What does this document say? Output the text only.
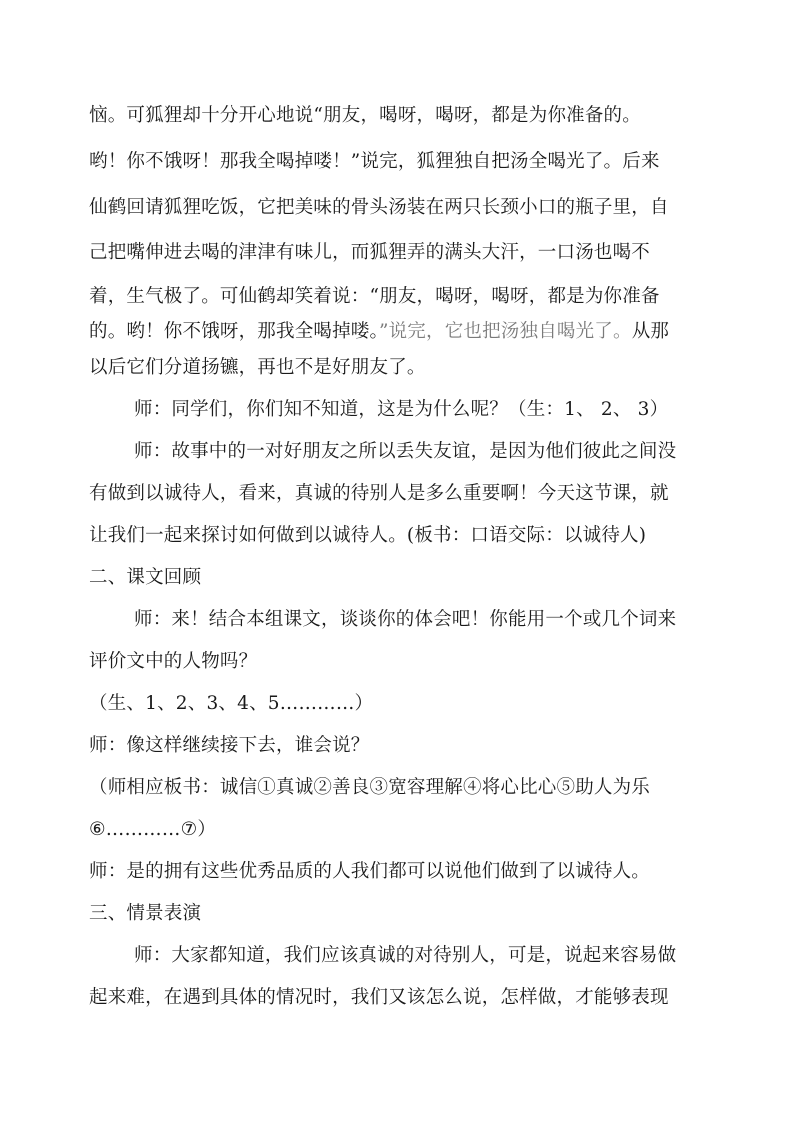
恼。可狐狸却十分开心地说“朋友，喝呀，喝呀，都是为你准备的。
哟！你不饿呀！那我全喝掉喽！”说完，狐狸独自把汤全喝光了。后来
仙鹤回请狐狸吃饭，它把美味的骨头汤装在两只长颈小口的瓶子里，自
己把嘴伸进去喝的津津有味儿，而狐狸弄的满头大汗，一口汤也喝不
着，生气极了。可仙鹤却笑着说：“朋友，喝呀，喝呀，都是为你准备
的。哟！你不饿呀，那我全喝掉喽。”说完，它也把汤独自喝光了。从那
以后它们分道扬镳，再也不是好朋友了。
师：同学们，你们知不知道，这是为什么呢？（生：1、 2、 3）
师：故事中的一对好朋友之所以丢失友谊，是因为他们彼此之间没
有做到以诚待人，看来，真诚的待别人是多么重要啊！今天这节课，就
让我们一起来探讨如何做到以诚待人。(板书：口语交际：以诚待人)
二、课文回顾
师：来！结合本组课文，谈谈你的体会吧！你能用一个或几个词来
评价文中的人物吗？
（生、1、2、3、4、5…………）
师：像这样继续接下去，谁会说？
（师相应板书：诚信①真诚②善良③宽容理解④将心比心⑤助人为乐
⑥…………⑦）
师：是的拥有这些优秀品质的人我们都可以说他们做到了以诚待人。
三、情景表演
师：大家都知道，我们应该真诚的对待别人，可是，说起来容易做
起来难，在遇到具体的情况时，我们又该怎么说，怎样做，才能够表现
